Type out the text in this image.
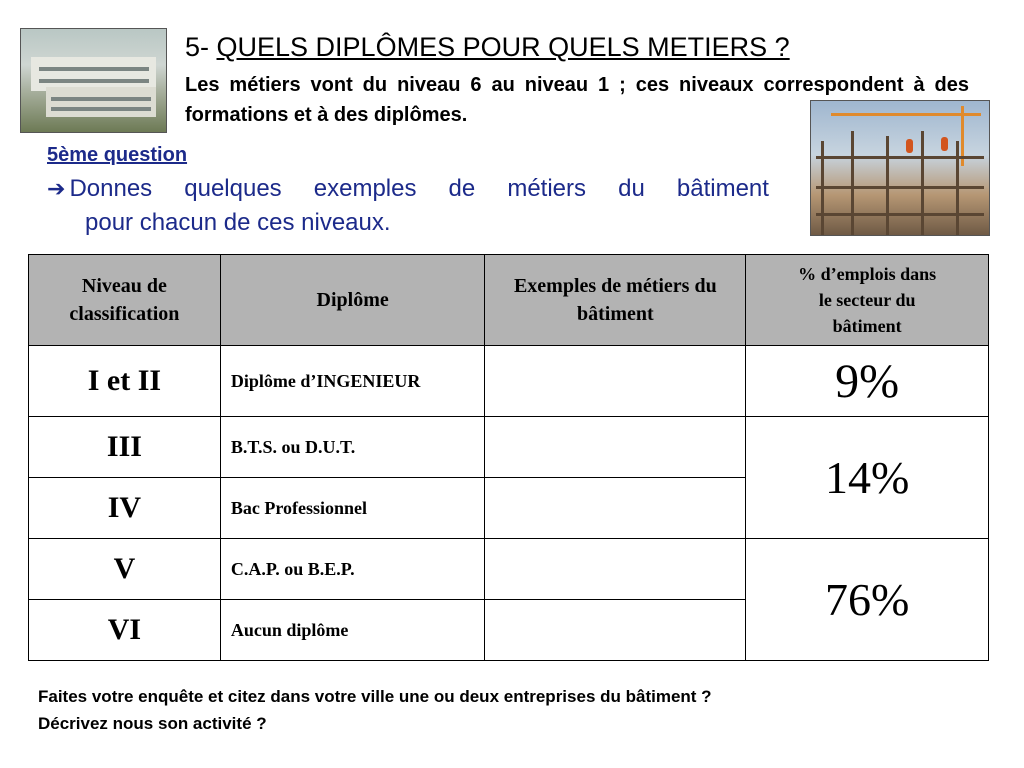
5- QUELS DIPLÔMES POUR QUELS METIERS ?
Les métiers vont du niveau 6 au niveau 1 ; ces niveaux correspondent à des formations et à des diplômes.
5ème question
➔ Donnes quelques exemples de métiers du bâtiment
pour chacun de ces niveaux.
Niveau de classification	Diplôme	Exemples de métiers du bâtiment	% d’emplois dans le secteur du bâtiment

I et II	Diplôme d’INGENIEUR		9%
III	B.T.S. ou D.U.T.		14%
IV	Bac Professionnel		
V	C.A.P. ou B.E.P.		76%
VI	Aucun diplôme		
Faites votre enquête et citez dans votre ville une ou deux entreprises du bâtiment ?
Décrivez nous son activité ?
